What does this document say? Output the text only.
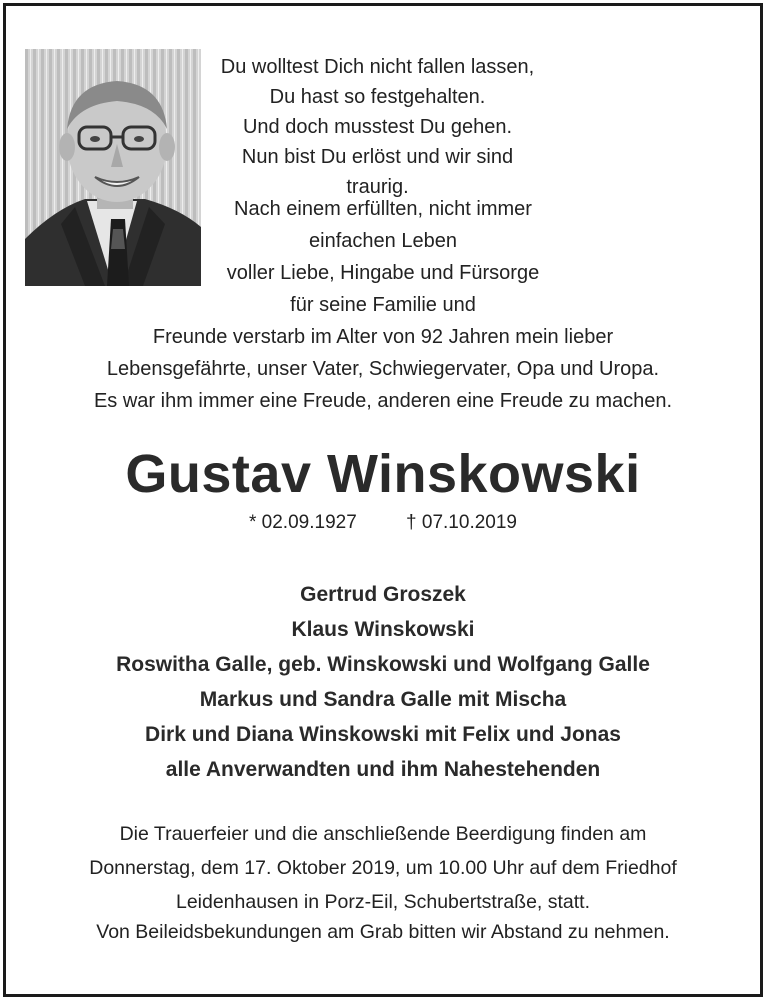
Du wolltest Dich nicht fallen lassen,
Du hast so festgehalten.
Und doch musstest Du gehen.
Nun bist Du erlöst und wir sind traurig.
Nach einem erfüllten, nicht immer
einfachen Leben
voller Liebe, Hingabe und Fürsorge
für seine Familie und
Freunde verstarb im Alter von 92 Jahren mein lieber
Lebensgefährte, unser Vater, Schwiegervater, Opa und Uropa.
Es war ihm immer eine Freude, anderen eine Freude zu machen.
Gustav Winskowski
* 02.09.1927	† 07.10.2019
Gertrud Groszek
Klaus Winskowski
Roswitha Galle, geb. Winskowski und Wolfgang Galle
Markus und Sandra Galle mit Mischa
Dirk und Diana Winskowski mit Felix und Jonas
alle Anverwandten und ihm Nahestehenden
Die Trauerfeier und die anschließende Beerdigung finden am
Donnerstag, dem 17. Oktober 2019, um 10.00 Uhr auf dem Friedhof
Leidenhausen in Porz-Eil, Schubertstraße, statt.
Von Beileidsbekundungen am Grab bitten wir Abstand zu nehmen.
